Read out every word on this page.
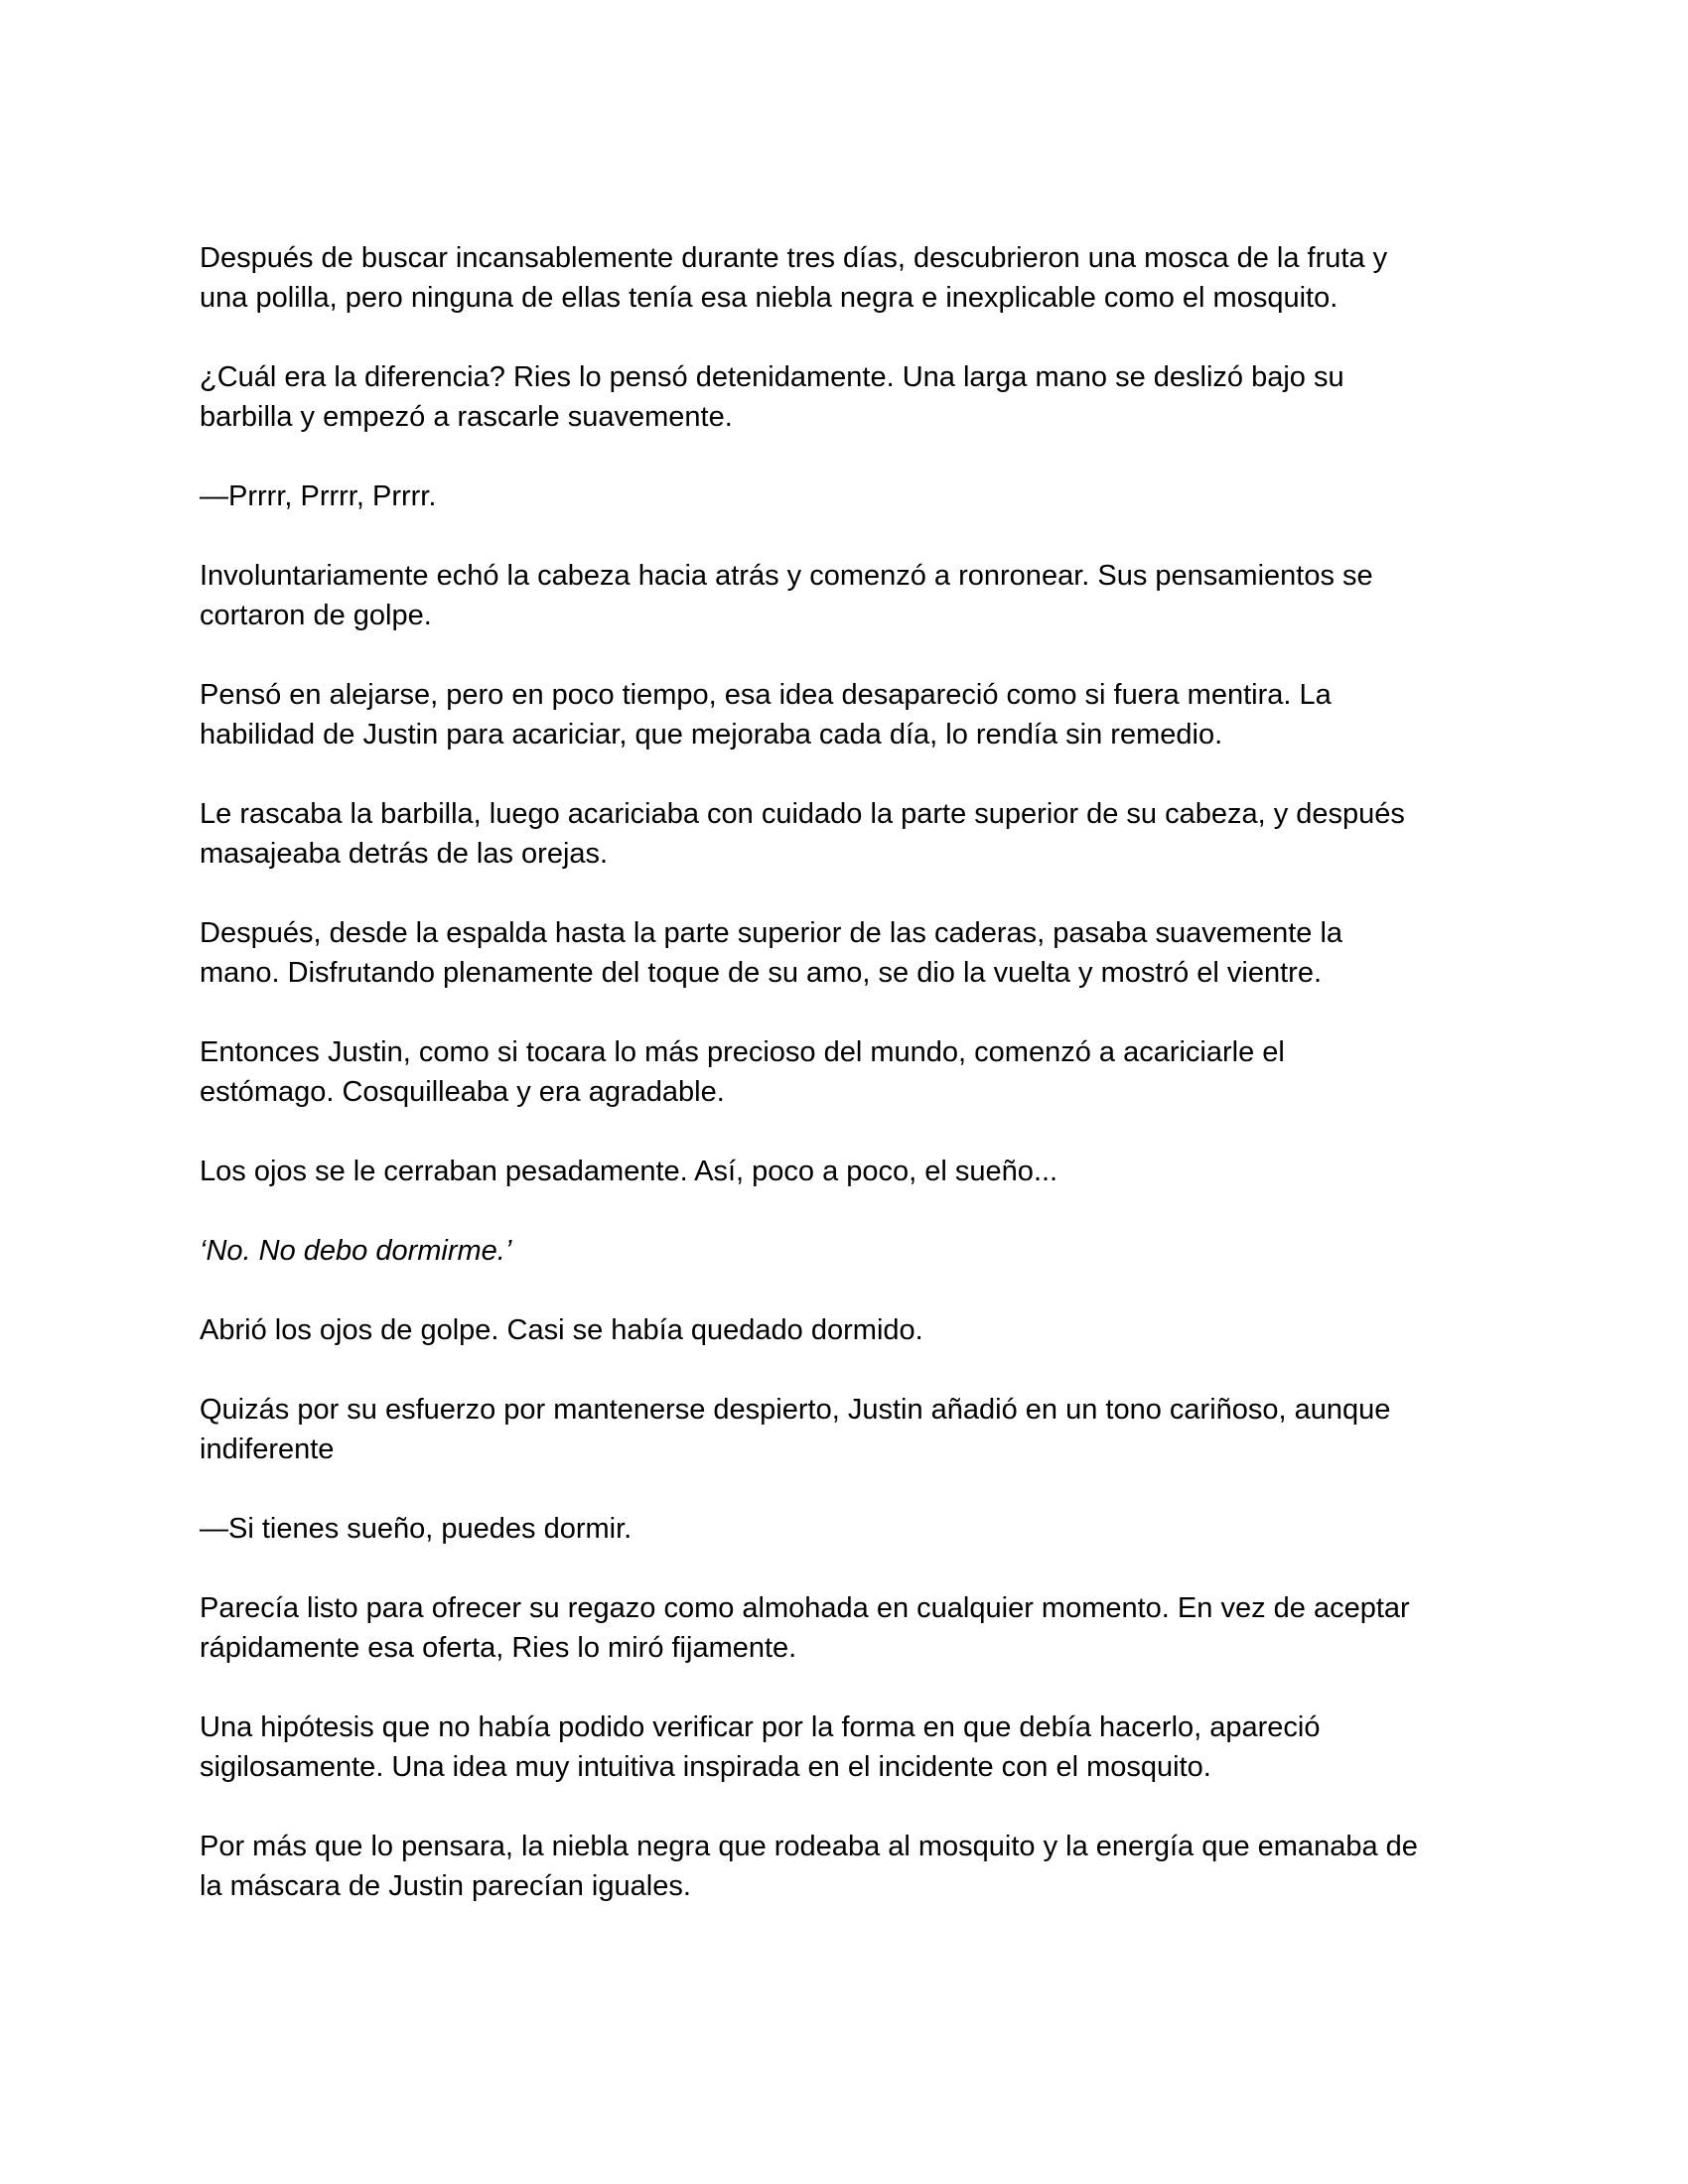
Después de buscar incansablemente durante tres días, descubrieron una mosca de la fruta y
una polilla, pero ninguna de ellas tenía esa niebla negra e inexplicable como el mosquito.

¿Cuál era la diferencia? Ries lo pensó detenidamente. Una larga mano se deslizó bajo su
barbilla y empezó a rascarle suavemente.

—Prrrr, Prrrr, Prrrr.

Involuntariamente echó la cabeza hacia atrás y comenzó a ronronear. Sus pensamientos se
cortaron de golpe.

Pensó en alejarse, pero en poco tiempo, esa idea desapareció como si fuera mentira. La
habilidad de Justin para acariciar, que mejoraba cada día, lo rendía sin remedio.

Le rascaba la barbilla, luego acariciaba con cuidado la parte superior de su cabeza, y después
masajeaba detrás de las orejas.

Después, desde la espalda hasta la parte superior de las caderas, pasaba suavemente la
mano. Disfrutando plenamente del toque de su amo, se dio la vuelta y mostró el vientre.

Entonces Justin, como si tocara lo más precioso del mundo, comenzó a acariciarle el
estómago. Cosquilleaba y era agradable.

Los ojos se le cerraban pesadamente. Así, poco a poco, el sueño...

‘No. No debo dormirme.’

Abrió los ojos de golpe. Casi se había quedado dormido.

Quizás por su esfuerzo por mantenerse despierto, Justin añadió en un tono cariñoso, aunque
indiferente

—Si tienes sueño, puedes dormir.

Parecía listo para ofrecer su regazo como almohada en cualquier momento. En vez de aceptar
rápidamente esa oferta, Ries lo miró fijamente.

Una hipótesis que no había podido verificar por la forma en que debía hacerlo, apareció
sigilosamente. Una idea muy intuitiva inspirada en el incidente con el mosquito.

Por más que lo pensara, la niebla negra que rodeaba al mosquito y la energía que emanaba de
la máscara de Justin parecían iguales.
